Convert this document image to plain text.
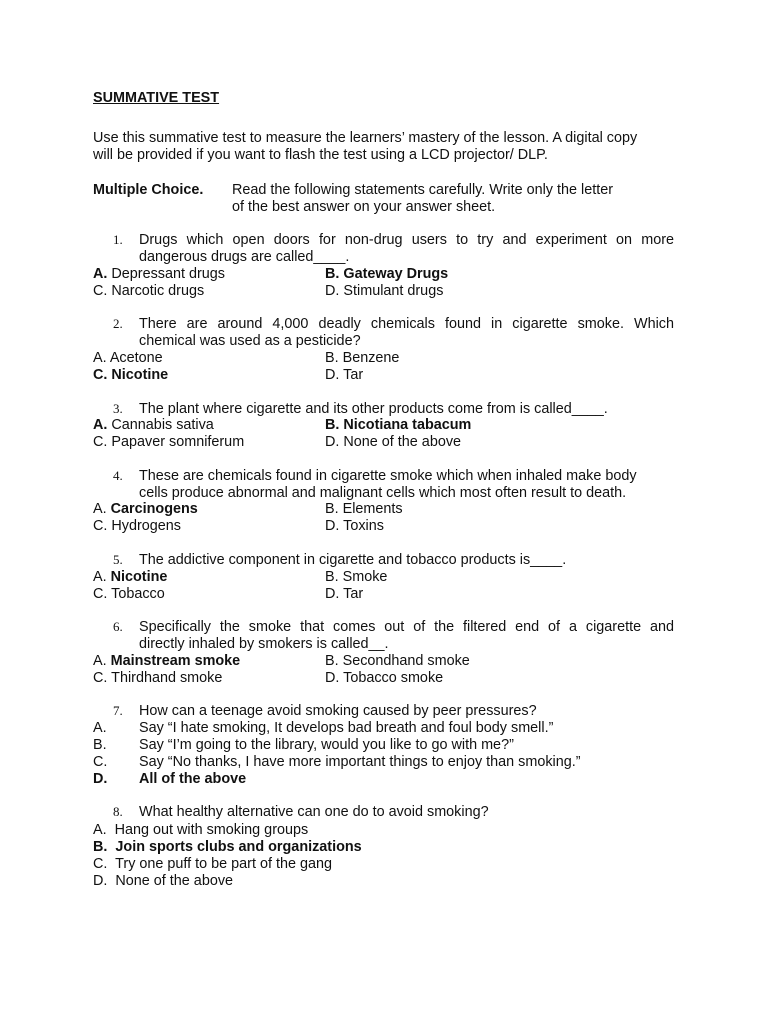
SUMMATIVE TEST
Use this summative test to measure the learners’ mastery of the lesson. A digital copy
will be provided if you want to flash the test using a LCD projector/ DLP.
Multiple Choice. Read the following statements carefully. Write only the letter
of the best answer on your answer sheet.
1. Drugs which open doors for non-drug users to try and experiment on more
dangerous drugs are called____.
A. Depressant drugs	B. Gateway Drugs
C. Narcotic drugs	D. Stimulant drugs
2. There are around 4,000 deadly chemicals found in cigarette smoke. Which
chemical was used as a pesticide?
A. Acetone	B. Benzene
C. Nicotine	D. Tar
3. The plant where cigarette and its other products come from is called____.
A. Cannabis sativa	B. Nicotiana tabacum
C. Papaver somniferum	D. None of the above
4. These are chemicals found in cigarette smoke which when inhaled make body
cells produce abnormal and malignant cells which most often result to death.
A. Carcinogens	B. Elements
C. Hydrogens	D. Toxins
5. The addictive component in cigarette and tobacco products is____.
A. Nicotine	B. Smoke
C. Tobacco	D. Tar
6. Specifically the smoke that comes out of the filtered end of a cigarette and
directly inhaled by smokers is called__.
A. Mainstream smoke	B. Secondhand smoke
C. Thirdhand smoke	D. Tobacco smoke
7. How can a teenage avoid smoking caused by peer pressures?
A. Say “I hate smoking, It develops bad breath and foul body smell.”
B. Say “I’m going to the library, would you like to go with me?”
C. Say “No thanks, I have more important things to enjoy than smoking.”
D. All of the above
8. What healthy alternative can one do to avoid smoking?
A. Hang out with smoking groups
B. Join sports clubs and organizations
C. Try one puff to be part of the gang
D. None of the above
